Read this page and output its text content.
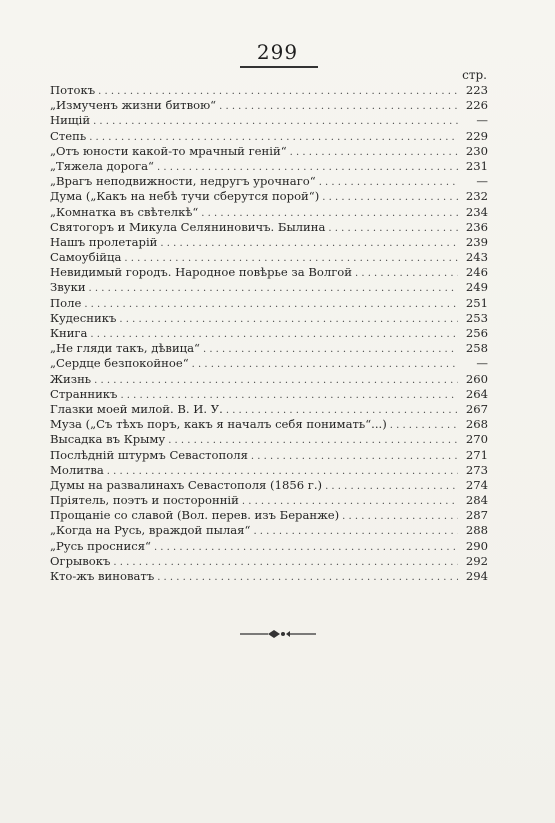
299
стр.
Потокъ . . .	223
„Измученъ жизни битвою“ . . .	226
Нищій . . .	—
Степь . . .	229
„Отъ юности какой-то мрачный геній“ . . .	230
„Тяжела дорога“ . . .	231
„Врагъ неподвижности, недругъ урочнаго“ . . .	—
Дума („Какъ на небѣ тучи сберутся порой“) . . .	232
„Комнатка въ свѣтелкѣ“ . . .	234
Святогоръ и Микула Селяниновичъ. Былина . . .	236
Нашъ пролетарій . . .	239
Самоубійца . . .	243
Невидимый городъ. Народное повѣрье за Волгой . . .	246
Звуки . . .	249
Поле . . .	251
Кудесникъ . . .	253
Книга . . .	256
„Не гляди такъ, дѣвица“ . . .	258
„Сердце безпокойное“ . . .	—
Жизнь . . .	260
Странникъ . . .	264
Глазки моей милой. В. И. У. . . .	267
Муза („Съ тѣхъ поръ, какъ я началъ себя понимать“...) . . .	268
Высадка въ Крыму . . .	270
Послѣдній штурмъ Севастополя . . .	271
Молитва . . .	273
Думы на развалинахъ Севастополя (1856 г.) . . .	274
Пріятель, поэтъ и посторонній . . .	284
Прощаніе со славой (Вол. перев. изъ Беранже) . . .	287
„Когда на Русь, враждой пылая“ . . .	288
„Русь проснися“ . . .	290
Огрывокъ . . .	292
Кто-жъ виноватъ . . .	294
